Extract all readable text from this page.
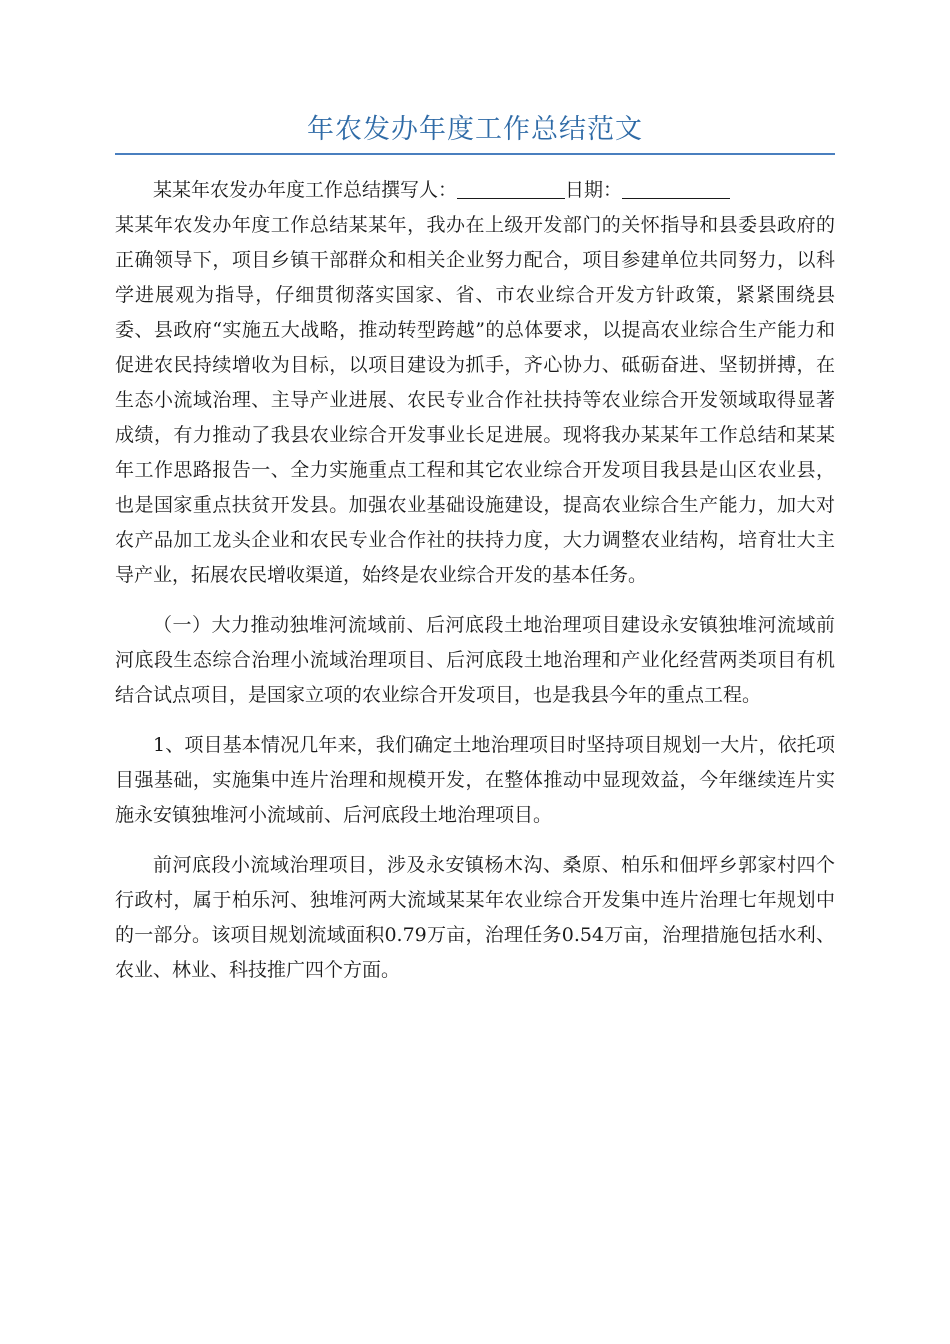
年农发办年度工作总结范文
某某年农发办年度工作总结撰写人：	日期：

某某年农发办年度工作总结某某年，我办在上级开发部门的关怀指导和县委县政府的正确领导下，项目乡镇干部群众和相关企业努力配合，项目参建单位共同努力，以科学进展观为指导，仔细贯彻落实国家、省、市农业综合开发方针政策，紧紧围绕县委、县政府“实施五大战略，推动转型跨越”的总体要求，以提高农业综合生产能力和促进农民持续增收为目标，以项目建设为抓手，齐心协力、砥砺奋进、坚韧拼搏，在生态小流域治理、主导产业进展、农民专业合作社扶持等农业综合开发领域取得显著成绩，有力推动了我县农业综合开发事业长足进展。现将我办某某年工作总结和某某年工作思路报告一、全力实施重点工程和其它农业综合开发项目我县是山区农业县，也是国家重点扶贫开发县。加强农业基础设施建设，提高农业综合生产能力，加大对农产品加工龙头企业和农民专业合作社的扶持力度，大力调整农业结构，培育壮大主导产业，拓展农民增收渠道，始终是农业综合开发的基本任务。

（一）大力推动独堆河流域前、后河底段土地治理项目建设永安镇独堆河流域前河底段生态综合治理小流域治理项目、后河底段土地治理和产业化经营两类项目有机结合试点项目，是国家立项的农业综合开发项目，也是我县今年的重点工程。

1、项目基本情况几年来，我们确定土地治理项目时坚持项目规划一大片，依托项目强基础，实施集中连片治理和规模开发，在整体推动中显现效益，今年继续连片实施永安镇独堆河小流域前、后河底段土地治理项目。

前河底段小流域治理项目，涉及永安镇杨木沟、桑原、柏乐和佃坪乡郭家村四个行政村，属于柏乐河、独堆河两大流域某某年农业综合开发集中连片治理七年规划中的一部分。该项目规划流域面积0.79万亩，治理任务0.54万亩，治理措施包括水利、农业、林业、科技推广四个方面。
